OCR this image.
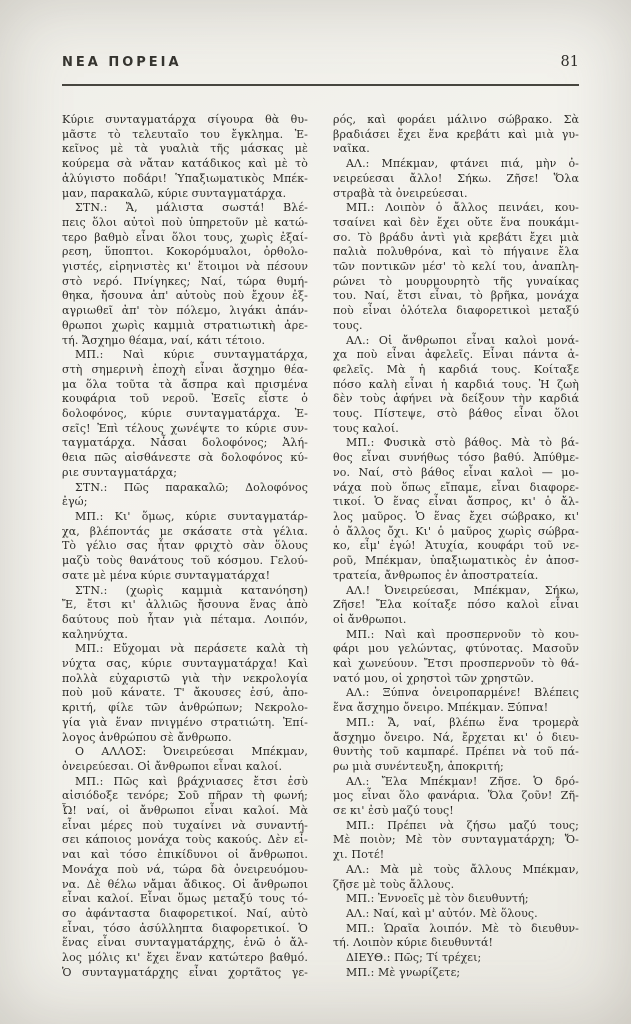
ΝΕΑ ΠΟΡΕΙΑ	81
Κύριε συνταγματάρχα σίγουρα θὰ θυ-
μᾶστε τὸ τελευταῖο του ἔγκλημα. Ἐ-
κεῖνος μὲ τὰ γυαλιὰ τῆς μάσκας μὲ
κούρεμα σὰ νἄταν κατάδικος καὶ μὲ τὸ
ἀλύγιστο ποδάρι! Ὑπαξιωματικὸς Μπέκ-
μαν, παρακαλῶ, κύριε συνταγματάρχα.
ΣΤΝ.: Ἄ, μάλιστα σωστά! Βλέ-
πεις ὅλοι αὐτοὶ ποὺ ὑπηρετοῦν μὲ κατώ-
τερο βαθμὸ εἶναι ὅλοι τους, χωρὶς ἐξαί-
ρεση, ὕποπτοι. Κοκορόμυαλοι, ὀρθολο-
γιστές, εἰρηνιστὲς κι' ἕτοιμοι νὰ πέσουν
στὸ νερό. Πνίγηκες; Ναί, τώρα θυμή-
θηκα, ἤσουνα ἀπ' αὐτοὺς ποὺ ἔχουν ἐξ-
αγριωθεῖ ἀπ' τὸν πόλεμο, λιγάκι ἀπάν-
θρωποι χωρὶς καμμιὰ στρατιωτικὴ ἀρε-
τή. Ἄσχημο θέαμα, ναί, κάτι τέτοιο.
ΜΠ.: Ναὶ κύριε συνταγματάρχα,
στὴ σημερινὴ ἐποχὴ εἶναι ἄσχημο θέα-
μα ὅλα τοῦτα τὰ ἄσπρα καὶ πρισμένα
κουφάρια τοῦ νεροῦ. Ἐσεῖς εἶστε ὁ
δολοφόνος, κύριε συνταγματάρχα. Ἐ-
σεῖς! Ἐπὶ τέλους χωνέψτε το κύριε συν-
ταγματάρχα. Νἆσαι δολοφόνος; Ἀλή-
θεια πῶς αἰσθάνεστε σὰ δολοφόνος κύ-
ριε συνταγματάρχα;
ΣΤΝ.: Πῶς παρακαλῶ; Δολοφόνος
ἐγώ;
ΜΠ.: Κι' ὅμως, κύριε συνταγματάρ-
χα, βλέποντάς με σκάσατε στὰ γέλια.
Τὸ γέλιο σας ἦταν φριχτὸ σὰν ὅλους
μαζὺ τοὺς θανάτους τοῦ κόσμου. Γελού-
σατε μὲ μένα κύριε συνταγματάρχα!
ΣΤΝ.: (χωρὶς καμμιὰ κατανόηση)
Ἔ, ἔτσι κι' ἀλλιῶς ἤσουνα ἕνας ἀπὸ
δαύτους ποὺ ἦταν γιὰ πέταμα. Λοιπόν,
καληνύχτα.
ΜΠ.: Εὔχομαι νὰ περάσετε καλὰ τὴ
νύχτα σας, κύριε συνταγματάρχα! Καὶ
πολλὰ εὐχαριστῶ γιὰ τὴν νεκρολογία
ποὺ μοῦ κάνατε. Τ' ἄκουσες ἐσύ, ἀπο-
κριτή, φίλε τῶν ἀνθρώπων; Νεκρολο-
γία γιὰ ἕναν πνιγμένο στρατιώτη. Ἐπί-
λογος ἀνθρώπου σὲ ἄνθρωπο.
Ο ΑΛΛΟΣ: Ὀνειρεύεσαι Μπέκμαν,
ὀνειρεύεσαι. Οἱ ἄνθρωποι εἶναι καλοί.
ΜΠ.: Πῶς καὶ βράχνιασες ἔτσι ἐσὺ
αἰσιόδοξε τενόρε; Σοῦ πῆραν τὴ φωνή;
Ὦ! ναί, οἱ ἄνθρωποι εἶναι καλοί. Μὰ
εἶναι μέρες ποὺ τυχαίνει νὰ συναντή-
σει κάποιος μονάχα τοὺς κακούς. Δὲν εἶ-
ναι καὶ τόσο ἐπικίδυνοι οἱ ἄνθρωποι.
Μονάχα ποὺ νά, τώρα δὰ ὀνειρευόμου-
να. Δὲ θέλω νἄμαι ἄδικος. Οἱ ἄνθρωποι
εἶναι καλοί. Εἶναι ὅμως μεταξύ τους τό-
σο ἀφάνταστα διαφορετικοί. Ναί, αὐτὸ
εἶναι, τόσο ἀσύλληπτα διαφορετικοί. Ὁ
ἕνας εἶναι συνταγματάρχης, ἐνῶ ὁ ἄλ-
λος μόλις κι' ἔχει ἕναν κατώτερο βαθμό.
Ὁ συνταγματάρχης εἶναι χορτᾶτος γε-
ρός, καὶ φοράει μάλινο σώβρακο. Σὰ
βραδιάσει ἔχει ἕνα κρεβάτι καὶ μιὰ γυ-
ναῖκα.
ΑΛ.: Μπέκμαν, φτάνει πιά, μὴν ὀ-
νειρεύεσαι ἄλλο! Σήκω. Ζῆσε! Ὅλα
στραβὰ τὰ ὀνειρεύεσαι.
ΜΠ.: Λοιπὸν ὁ ἄλλος πεινάει, κου-
τσαίνει καὶ δὲν ἔχει οὔτε ἕνα πουκάμι-
σο. Τὸ βράδυ ἀντὶ γιὰ κρεβάτι ἔχει μιὰ
παλιὰ πολυθρόνα, καὶ τὸ πήγαινε ἔλα
τῶν ποντικῶν μέσ' τὸ κελί του, ἀναπλη-
ρώνει τὸ μουρμουρητὸ τῆς γυναίκας
του. Ναί, ἔτσι εἶναι, τὸ βρῆκα, μονάχα
ποὺ εἶναι ὁλότελα διαφορετικοὶ μεταξύ
τους.
ΑΛ.: Οἱ ἄνθρωποι εἶναι καλοὶ μονά-
χα ποὺ εἶναι ἀφελεῖς. Εἶναι πάντα ἀ-
φελεῖς. Μὰ ἡ καρδιά τους. Κοίταξε
πόσο καλὴ εἶναι ἡ καρδιά τους. Ἡ ζωὴ
δὲν τοὺς ἀφήνει νὰ δείξουν τὴν καρδιά
τους. Πίστεψε, στὸ βάθος εἶναι ὅλοι
τους καλοί.
ΜΠ.: Φυσικὰ στὸ βάθος. Μὰ τὸ βά-
θος εἶναι συνήθως τόσο βαθύ. Ἀπύθμε-
νο. Ναί, στὸ βάθος εἶναι καλοὶ — μο-
νάχα ποὺ ὅπως εἴπαμε, εἶναι διαφορε-
τικοί. Ὁ ἕνας εἶναι ἄσπρος, κι' ὁ ἄλ-
λος μαῦρος. Ὁ ἕνας ἔχει σώβρακο, κι'
ὁ ἄλλος ὄχι. Κι' ὁ μαῦρος χωρὶς σώβρα-
κο, εἶμ' ἐγώ! Ἀτυχία, κουφάρι τοῦ νε-
ροῦ, Μπέκμαν, ὑπαξιωματικὸς ἐν ἀποσ-
τρατεία, ἄνθρωπος ἐν ἀποστρατεία.
ΑΛ.! Ὀνειρεύεσαι, Μπέκμαν, Σήκω,
Ζῆσε! Ἔλα κοίταξε πόσο καλοὶ εἶναι
οἱ ἄνθρωποι.
ΜΠ.: Ναὶ καὶ προσπερνοῦν τὸ κου-
φάρι μου γελώντας, φτύνοτας. Μασοῦν
καὶ χωνεύουν. Ἔτσι προσπερνοῦν τὸ θά-
νατό μου, οἱ χρηστοὶ τῶν χρηστῶν.
ΑΛ.: Ξύπνα ὀνειροπαρμένε! Βλέπεις
ἕνα ἄσχημο ὄνειρο. Μπέκμαν. Ξύπνα!
ΜΠ.: Ἄ, ναί, βλέπω ἕνα τρομερὰ
ἄσχημο ὄνειρο. Νά, ἔρχεται κι' ὁ διευ-
θυντὴς τοῦ καμπαρέ. Πρέπει νὰ τοῦ πά-
ρω μιὰ συνέντευξη, ἀποκριτή;
ΑΛ.: Ἔλα Μπέκμαν! Ζῆσε. Ὁ δρό-
μος εἶναι ὅλο φανάρια. Ὅλα ζοῦν! Ζῆ-
σε κι' ἐσὺ μαζύ τους!
ΜΠ.: Πρέπει νὰ ζήσω μαζύ τους;
Μὲ ποιὸν; Μὲ τὸν συνταγματάρχη; Ὄ-
χι. Ποτέ!
ΑΛ.: Μὰ μὲ τοὺς ἄλλους Μπέκμαν,
ζῆσε μὲ τοὺς ἄλλους.
ΜΠ.: Ἐννοεῖς μὲ τὸν διευθυντή;
ΑΛ.: Ναί, καὶ μ' αὐτόν. Μὲ ὅλους.
ΜΠ.: Ὡραῖα λοιπόν. Μὲ τὸ διευθυν-
τή. Λοιπὸν κύριε διευθυντά!
ΔΙΕΥΘ.: Πῶς; Τί τρέχει;
ΜΠ.: Μὲ γνωρίζετε;
